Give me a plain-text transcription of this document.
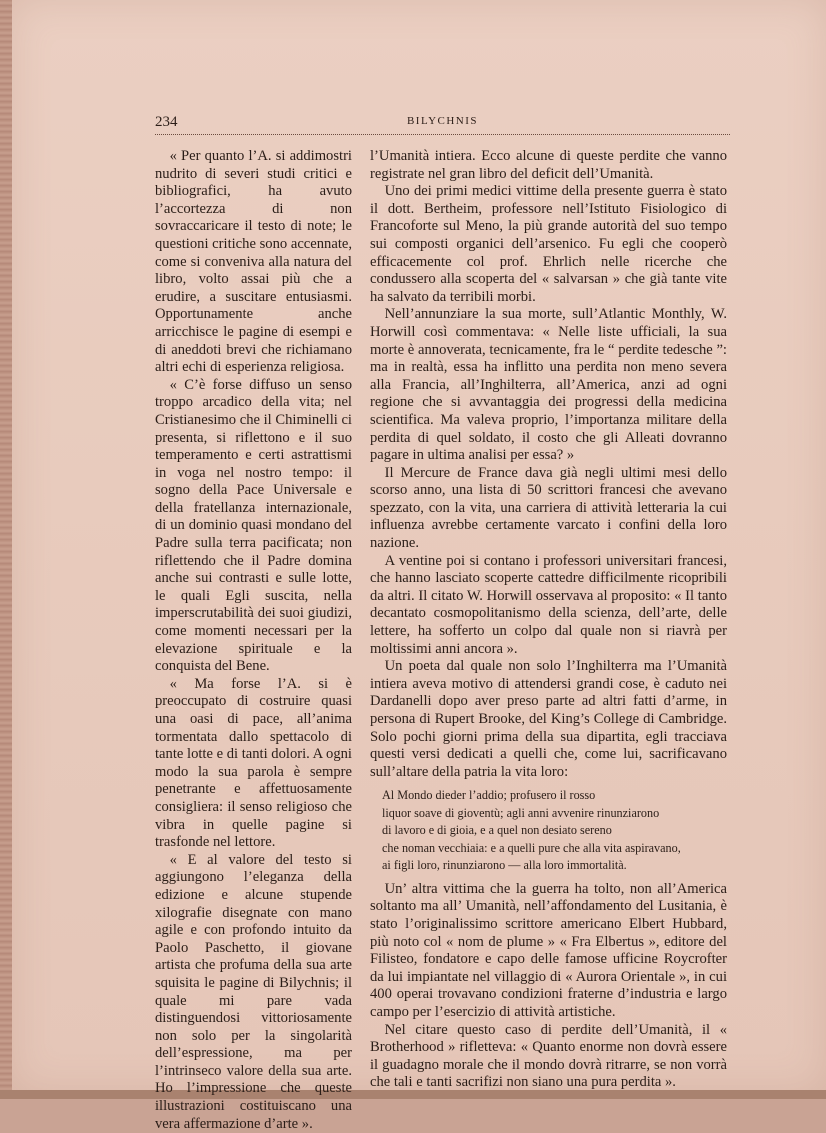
234	BILYCHNIS

« Per quanto l’A. si addimostri nudrito di severi studi critici e bibliografici, ha avuto l’accortezza di non sovraccaricare il testo di note; le questioni critiche sono accennate, come si conveniva alla natura del libro, volto assai più che a erudire, a suscitare entusiasmi. Opportunamente anche arricchisce le pagine di esempi e di aneddoti brevi che richiamano altri echi di esperienza religiosa.

« C’è forse diffuso un senso troppo arcadico della vita; nel Cristianesimo che il Chiminelli ci presenta, si riflettono e il suo temperamento e certi astrattismi in voga nel nostro tempo: il sogno della Pace Universale e della fratellanza internazionale, di un dominio quasi mondano del Padre sulla terra pacificata; non riflettendo che il Padre domina anche sui contrasti e sulle lotte, le quali Egli suscita, nella imperscrutabilità dei suoi giudizi, come momenti necessari per la elevazione spirituale e la conquista del Bene.

« Ma forse l’A. si è preoccupato di costruire quasi una oasi di pace, all’anima tormentata dallo spettacolo di tante lotte e di tanti dolori. A ogni modo la sua parola è sempre penetrante e affettuosamente consigliera: il senso religioso che vibra in quelle pagine si trasfonde nel lettore.

« E al valore del testo si aggiungono l’eleganza della edizione e alcune stupende xilografie disegnate con mano agile e con profondo intuito da Paolo Paschetto, il giovane artista che profuma della sua arte squisita le pagine di Bilychnis; il quale mi pare vada distinguendosi vittoriosamente non solo per la singolarità dell’espressione, ma per l’intrinseco valore della sua arte. Ho l’impressione che queste illustrazioni costituiscano una vera affermazione d’arte ».

l’Umanità intiera. Ecco alcune di queste perdite che vanno registrate nel gran libro del deficit dell’Umanità.

Uno dei primi medici vittime della presente guerra è stato il dott. Bertheim, professore nell’Istituto Fisiologico di Francoforte sul Meno, la più grande autorità del suo tempo sui composti organici dell’arsenico. Fu egli che cooperò efficacemente col prof. Ehrlich nelle ricerche che condussero alla scoperta del « salvarsan » che già tante vite ha salvato da terribili morbi.

Nell’annunziare la sua morte, sull’Atlantic Monthly, W. Horwill così commentava: « Nelle liste ufficiali, la sua morte è annoverata, tecnicamente, fra le “ perdite tedesche ”: ma in realtà, essa ha inflitto una perdita non meno severa alla Francia, all’Inghilterra, all’America, anzi ad ogni regione che si avvantaggia dei progressi della medicina scientifica. Ma valeva proprio, l’importanza militare della perdita di quel soldato, il costo che gli Alleati dovranno pagare in ultima analisi per essa? »

Il Mercure de France dava già negli ultimi mesi dello scorso anno, una lista di 50 scrittori francesi che avevano spezzato, con la vita, una carriera di attività letteraria la cui influenza avrebbe certamente varcato i confini della loro nazione.

A ventine poi si contano i professori universitari francesi, che hanno lasciato scoperte cattedre difficilmente ricopribili da altri. Il citato W. Horwill osservava al proposito: « Il tanto decantato cosmopolitanismo della scienza, dell’arte, delle lettere, ha sofferto un colpo dal quale non si riavrà per moltissimi anni ancora ».

Un poeta dal quale non solo l’Inghilterra ma l’Umanità intiera aveva motivo di attendersi grandi cose, è caduto nei Dardanelli dopo aver preso parte ad altri fatti d’arme, in persona di Rupert Brooke, del King’s College di Cambridge. Solo pochi giorni prima della sua dipartita, egli tracciava questi versi dedicati a quelli che, come lui, sacrificavano sull’altare della patria la vita loro:

Al Mondo dieder l’addio; profusero il rosso
liquor soave di gioventù; agli anni avvenire rinunziarono
di lavoro e di gioia, e a quel non desiato sereno
che noman vecchiaia: e a quelli pure che alla vita aspiravano,
ai figli loro, rinunziarono — alla loro immortalità.

Un’ altra vittima che la guerra ha tolto, non all’America soltanto ma all’ Umanità, nell’affondamento del Lusitania, è stato l’originalissimo scrittore americano Elbert Hubbard, più noto col « nom de plume » « Fra Elbertus », editore del Filisteo, fondatore e capo delle famose ufficine Roycrofter da lui impiantate nel villaggio di « Aurora Orientale », in cui 400 operai trovavano condizioni fraterne d’industria e largo campo per l’esercizio di attività artistiche.

Nel citare questo caso di perdite dell’Umanità, il « Brotherhood » rifletteva: « Quanto enorme non dovrà essere il guadagno morale che il mondo dovrà ritrarre, se non vorrà che tali e tanti sacrifizi non siano una pura perdita ».
